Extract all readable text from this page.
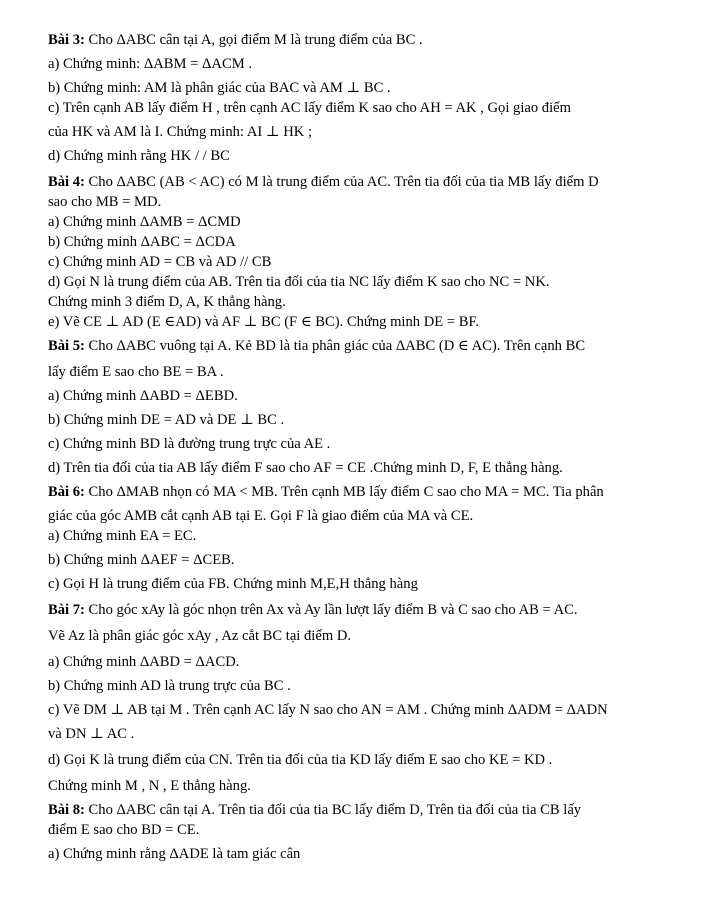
Bài 3: Cho ΔABC cân tại A, gọi điểm M là trung điểm của BC .
a) Chứng minh: ΔABM = ΔACM .
b) Chứng minh: AM là phân giác của BAC và AM ⊥ BC .
c) Trên cạnh AB lấy điểm H , trên cạnh AC lấy điểm K sao cho AH = AK , Gọi giao điểm
của HK và AM là I. Chứng minh: AI ⊥ HK ;
d) Chứng minh rằng HK / / BC
Bài 4: Cho ΔABC (AB < AC) có M là trung điểm của AC. Trên tia đối của tia MB lấy điểm D
sao cho MB = MD.
a) Chứng minh ΔAMB = ΔCMD
b) Chứng minh ΔABC = ΔCDA
c) Chứng minh AD = CB và AD // CB
d) Gọi N là trung điểm của AB. Trên tia đối của tia NC lấy điểm K sao cho NC = NK.
Chứng minh 3 điểm D, A, K thẳng hàng.
e) Vẽ CE ⊥ AD (E ∈AD) và AF ⊥ BC (F ∈ BC). Chứng minh DE = BF.
Bài 5: Cho ΔABC vuông tại A. Kẻ BD là tia phân giác của ΔABC (D ∈ AC). Trên cạnh BC
lấy điểm E sao cho BE = BA .
a) Chứng minh ΔABD = ΔEBD.
b) Chứng minh DE = AD và DE ⊥ BC .
c) Chứng minh BD là đường trung trực của AE .
d) Trên tia đối của tia AB lấy điểm F sao cho AF = CE .Chứng minh D, F, E thẳng hàng.
Bài 6: Cho ΔMAB nhọn có MA < MB. Trên cạnh MB lấy điểm C sao cho MA = MC. Tia phân
giác của góc AMB cắt cạnh AB tại E. Gọi F là giao điểm của MA và CE.
a) Chứng minh EA = EC.
b) Chứng minh ΔAEF = ΔCEB.
c) Gọi H là trung điểm của FB. Chứng minh M,E,H thẳng hàng
Bài 7: Cho góc xAy là góc nhọn trên Ax và Ay lần lượt lấy điểm B và C sao cho AB = AC.
Vẽ Az là phân giác góc xAy , Az cắt BC tại điểm D.
a) Chứng minh ΔABD = ΔACD.
b) Chứng minh AD là trung trực của BC .
c) Vẽ DM ⊥ AB tại M . Trên cạnh AC lấy N sao cho AN = AM . Chứng minh ΔADM = ΔADN
và DN ⊥ AC .
d) Gọi K là trung điểm của CN. Trên tia đối của tia KD lấy điểm E sao cho KE = KD .
Chứng minh M , N , E thẳng hàng.
Bài 8: Cho ΔABC cân tại A. Trên tia đối của tia BC lấy điểm D, Trên tia đối của tia CB lấy
điểm E sao cho BD = CE.
a) Chứng minh rằng ΔADE là tam giác cân
